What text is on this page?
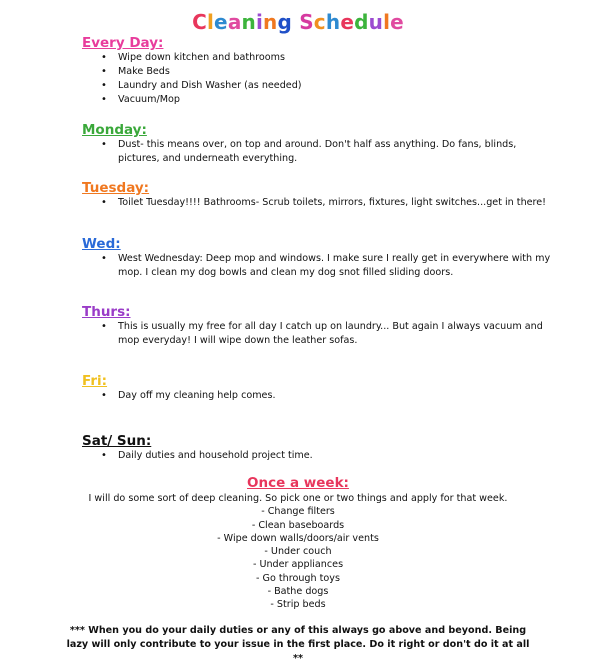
Cleaning Schedule

Every Day:

• Wipe down kitchen and bathrooms
• Make Beds
• Laundry and Dish Washer (as needed)
• Vacuum/Mop

Monday:

• Dust- this means over, on top and around. Don't half ass anything. Do fans, blinds, pictures, and underneath everything.

Tuesday:

• Toilet Tuesday!!!! Bathrooms- Scrub toilets, mirrors, fixtures, light switches...get in there!

Wed:

• West Wednesday: Deep mop and windows. I make sure I really get in everywhere with my mop. I clean my dog bowls and clean my dog snot filled sliding doors.

Thurs:

• This is usually my free for all day I catch up on laundry... But again I always vacuum and mop everyday! I will wipe down the leather sofas.

Fri:

• Day off my cleaning help comes.

Sat/ Sun:

• Daily duties and household project time.

Once a week:

I will do some sort of deep cleaning. So pick one or two things and apply for that week.

- Change filters

- Clean baseboards

- Wipe down walls/doors/air vents

- Under couch

- Under appliances

- Go through toys

- Bathe dogs

- Strip beds

*** When you do your daily duties or any of this always go above and beyond. Being lazy will only contribute to your issue in the first place. Do it right or don't do it at all **
